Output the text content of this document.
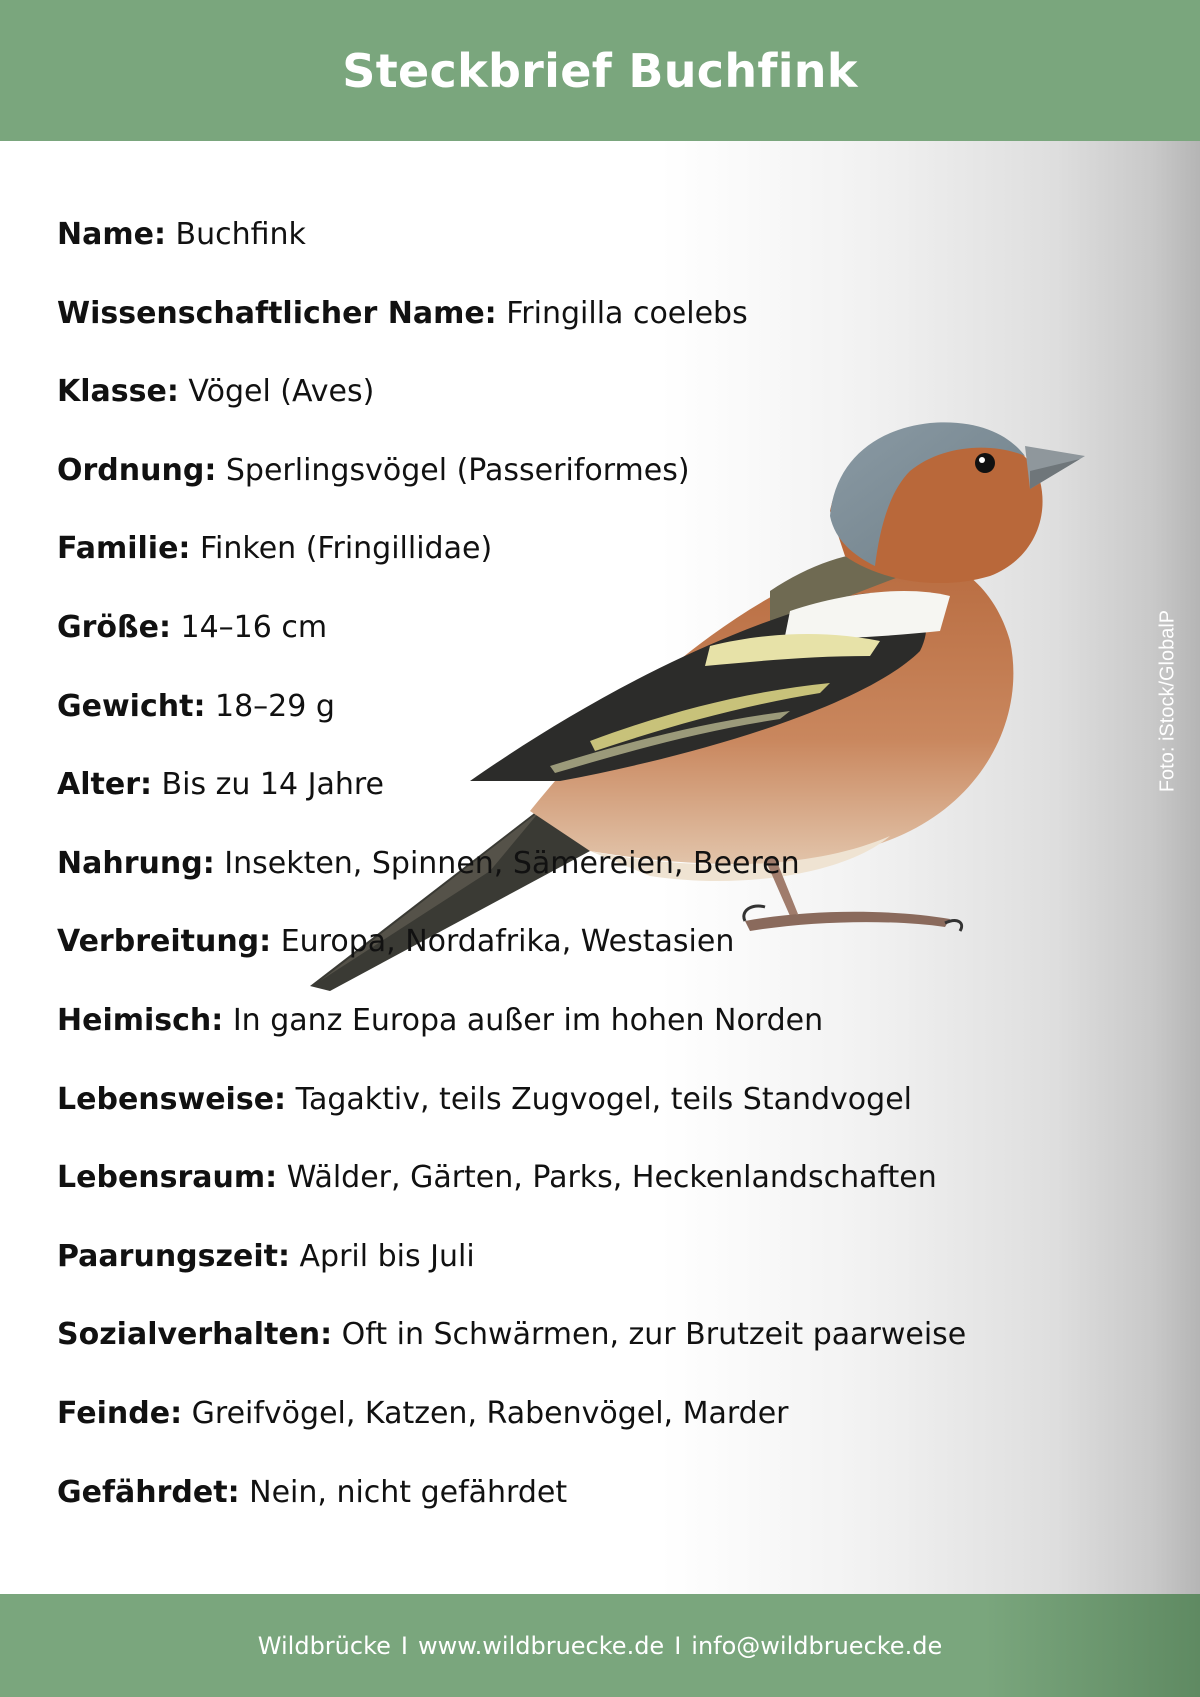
Steckbrief Buchfink
Name: Buchfink
Wissenschaftlicher Name: Fringilla coelebs
Klasse: Vögel (Aves)
Ordnung: Sperlingsvögel (Passeriformes)
Familie: Finken (Fringillidae)
Größe: 14–16 cm
Gewicht: 18–29 g
Alter: Bis zu 14 Jahre
Nahrung: Insekten, Spinnen, Sämereien, Beeren
Verbreitung: Europa, Nordafrika, Westasien
Heimisch: In ganz Europa außer im hohen Norden
Lebensweise: Tagaktiv, teils Zugvogel, teils Standvogel
Lebensraum: Wälder, Gärten, Parks, Heckenlandschaften
Paarungszeit: April bis Juli
Sozialverhalten: Oft in Schwärmen, zur Brutzeit paarweise
Feinde: Greifvögel, Katzen, Rabenvögel, Marder
Gefährdet: Nein, nicht gefährdet
Foto: iStock/GlobalP
Wildbrücke I www.wildbruecke.de I info@wildbruecke.de
